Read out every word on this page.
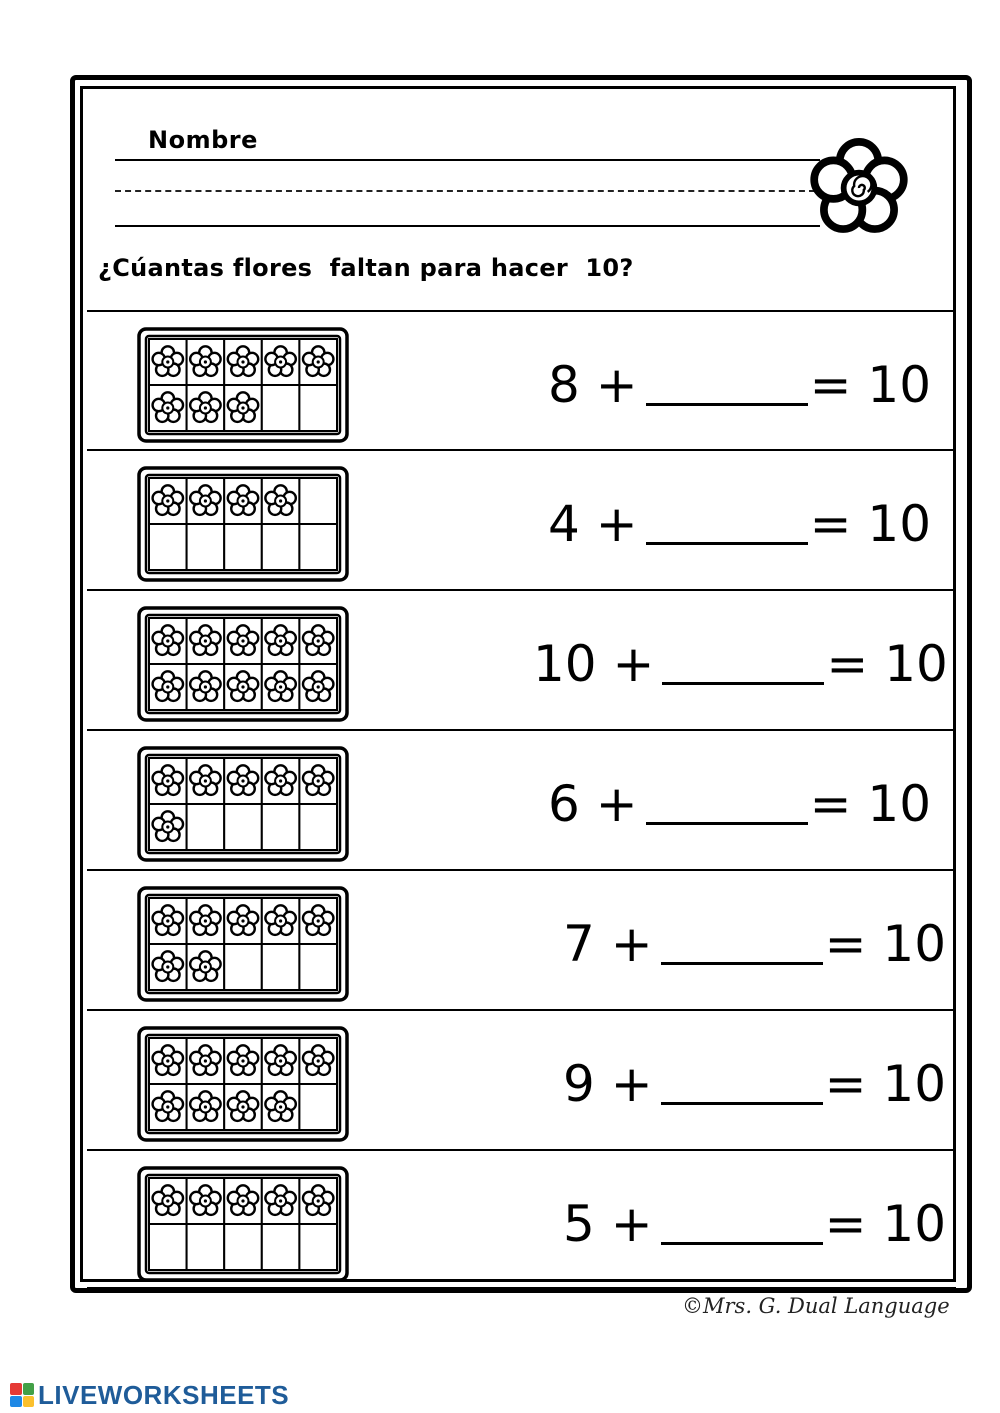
Nombre
¿Cúantas flores  faltan para hacer  10?
8 +	= 10
4 +	= 10
10 +	= 10
6 +	= 10
7 +	= 10
9 +	= 10
5 +	= 10
©Mrs. G. Dual Language
LIVEWORKSHEETS
